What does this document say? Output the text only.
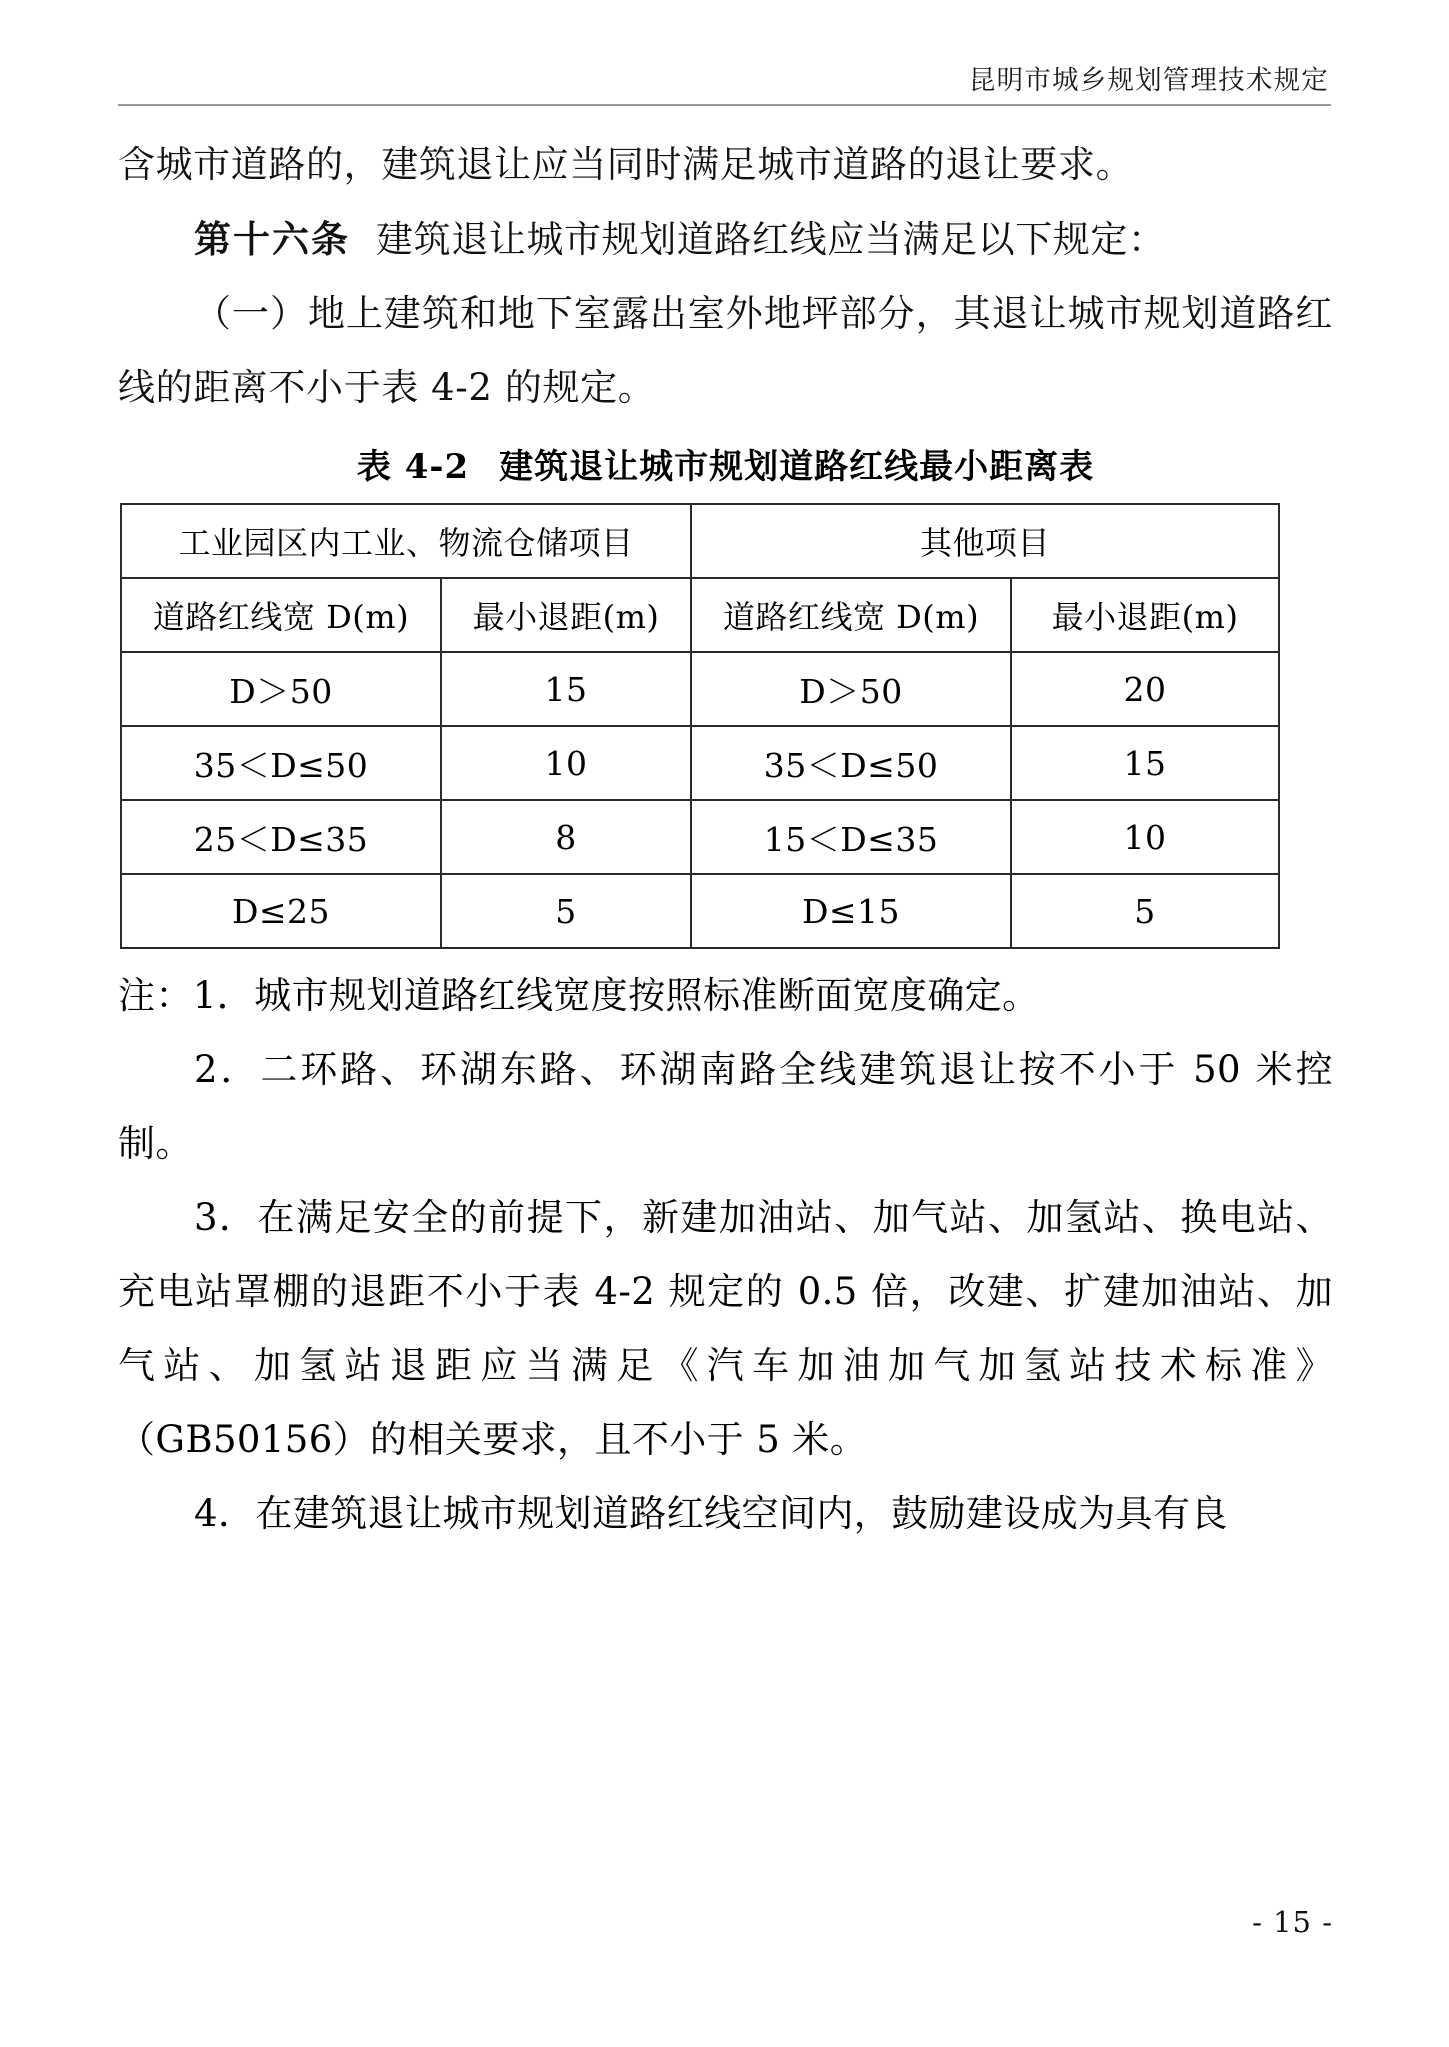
昆明市城乡规划管理技术规定

含城市道路的，建筑退让应当同时满足城市道路的退让要求。

第十六条 建筑退让城市规划道路红线应当满足以下规定：

（一）地上建筑和地下室露出室外地坪部分，其退让城市规划道路红线的距离不小于表 4-2 的规定。

表 4-2 建筑退让城市规划道路红线最小距离表
工业园区内工业、物流仓储项目		其他项目	
道路红线宽 D(m)	最小退距(m)	道路红线宽 D(m)	最小退距(m)
D＞50	15	D＞50	20
35＜D≤50	10	35＜D≤50	15
25＜D≤35	8	15＜D≤35	10
D≤25	5	D≤15	5

注：1．城市规划道路红线宽度按照标准断面宽度确定。

2．二环路、环湖东路、环湖南路全线建筑退让按不小于 50 米控制。

3．在满足安全的前提下，新建加油站、加气站、加氢站、换电站、充电站罩棚的退距不小于表 4-2 规定的 0.5 倍，改建、扩建加油站、加气站、加氢站退距应当满足《汽车加油加气加氢站技术标准》（GB50156）的相关要求，且不小于 5 米。

4．在建筑退让城市规划道路红线空间内，鼓励建设成为具有良

- 15 -
